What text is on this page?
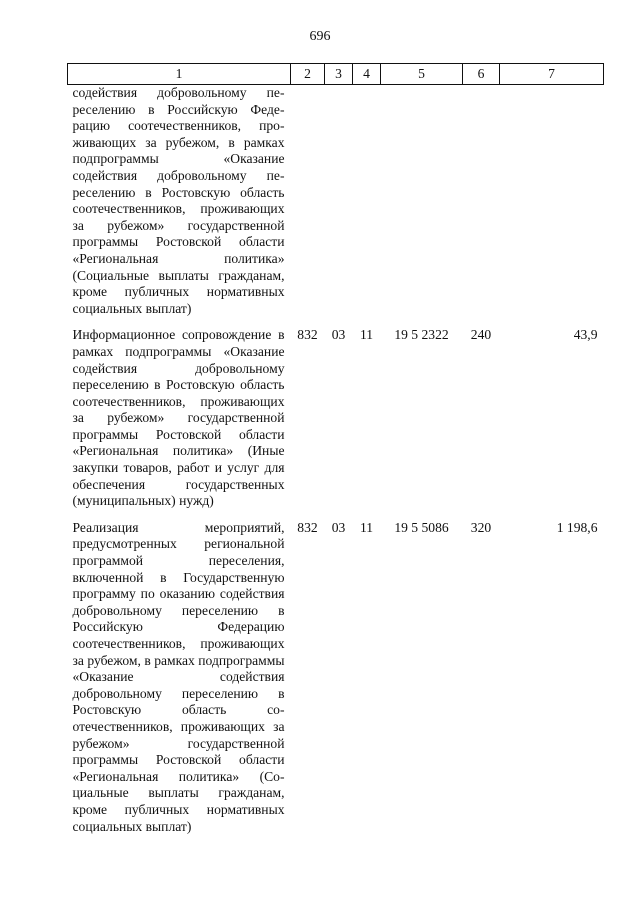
696
1	2	3	4	5	6	7
содействия добровольному переселению в Российскую Федерацию соотечественников, проживающих за рубежом, в рамках подпрограммы «Оказание содействия добровольному переселению в Ростовскую область соотечественников, проживающих за рубежом» государственной программы Ростовской области «Региональная политика» (Социальные выплаты гражданам, кроме публичных нормативных социальных выплат)						
Информационное сопровождение в рамках подпрограммы «Оказание содействия добровольному переселению в Ростовскую область соотечественников, проживающих за рубежом» государственной программы Ростовской области «Региональная политика» (Иные закупки товаров, работ и услуг для обеспечения государственных (муниципальных) нужд)	832	03	11	19 5 2322	240	43,9
Реализация мероприятий, предусмотренных региональной программой переселения, включенной в Государственную программу по оказанию содействия добровольному переселению в Российскую Федерацию соотечественников, проживающих за рубежом, в рамках подпрограммы «Оказание содействия добровольному переселению в Ростовскую область соотечественников, проживающих за рубежом» государственной программы Ростовской области «Региональная политика» (Социальные выплаты гражданам, кроме публичных нормативных социальных выплат)	832	03	11	19 5 5086	320	1 198,6
